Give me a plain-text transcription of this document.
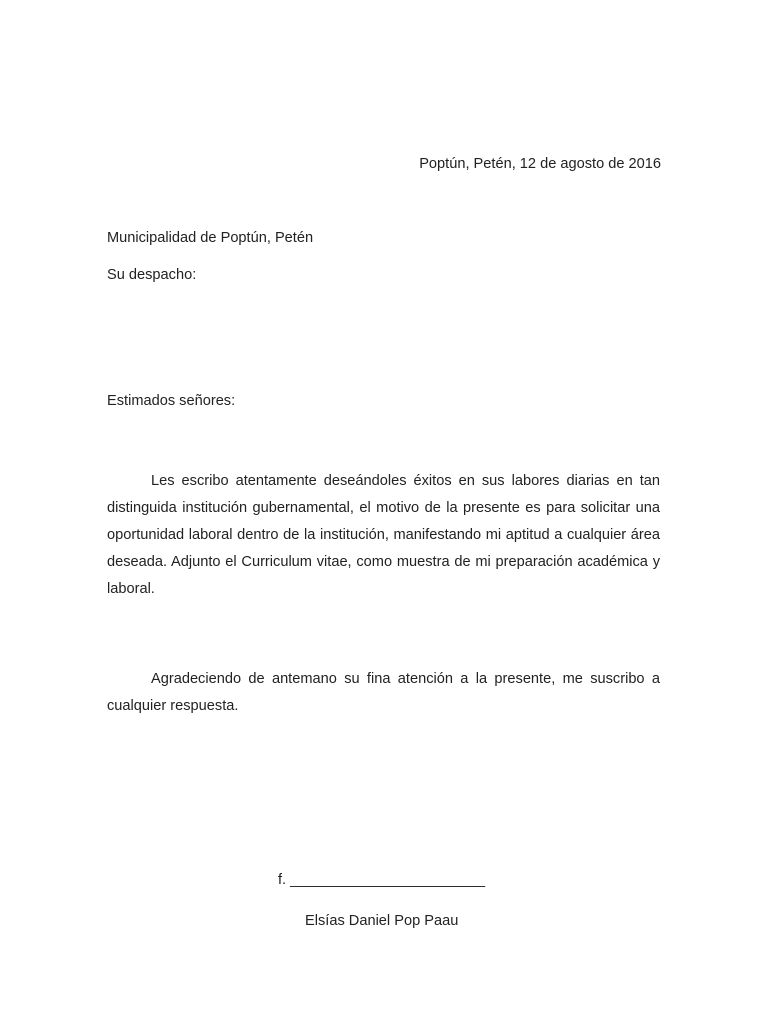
Poptún, Petén, 12 de agosto de 2016
Municipalidad de Poptún, Petén
Su despacho:
Estimados señores:

Les escribo atentamente deseándoles éxitos en sus labores diarias en tan distinguida institución gubernamental, el motivo de la presente es para solicitar una oportunidad laboral dentro de la institución, manifestando mi aptitud a cualquier área deseada. Adjunto el Curriculum vitae, como muestra de mi preparación académica y laboral.

Agradeciendo de antemano su fina atención a la presente, me suscribo a cualquier respuesta.

f. ________________________
Elsías Daniel Pop Paau
